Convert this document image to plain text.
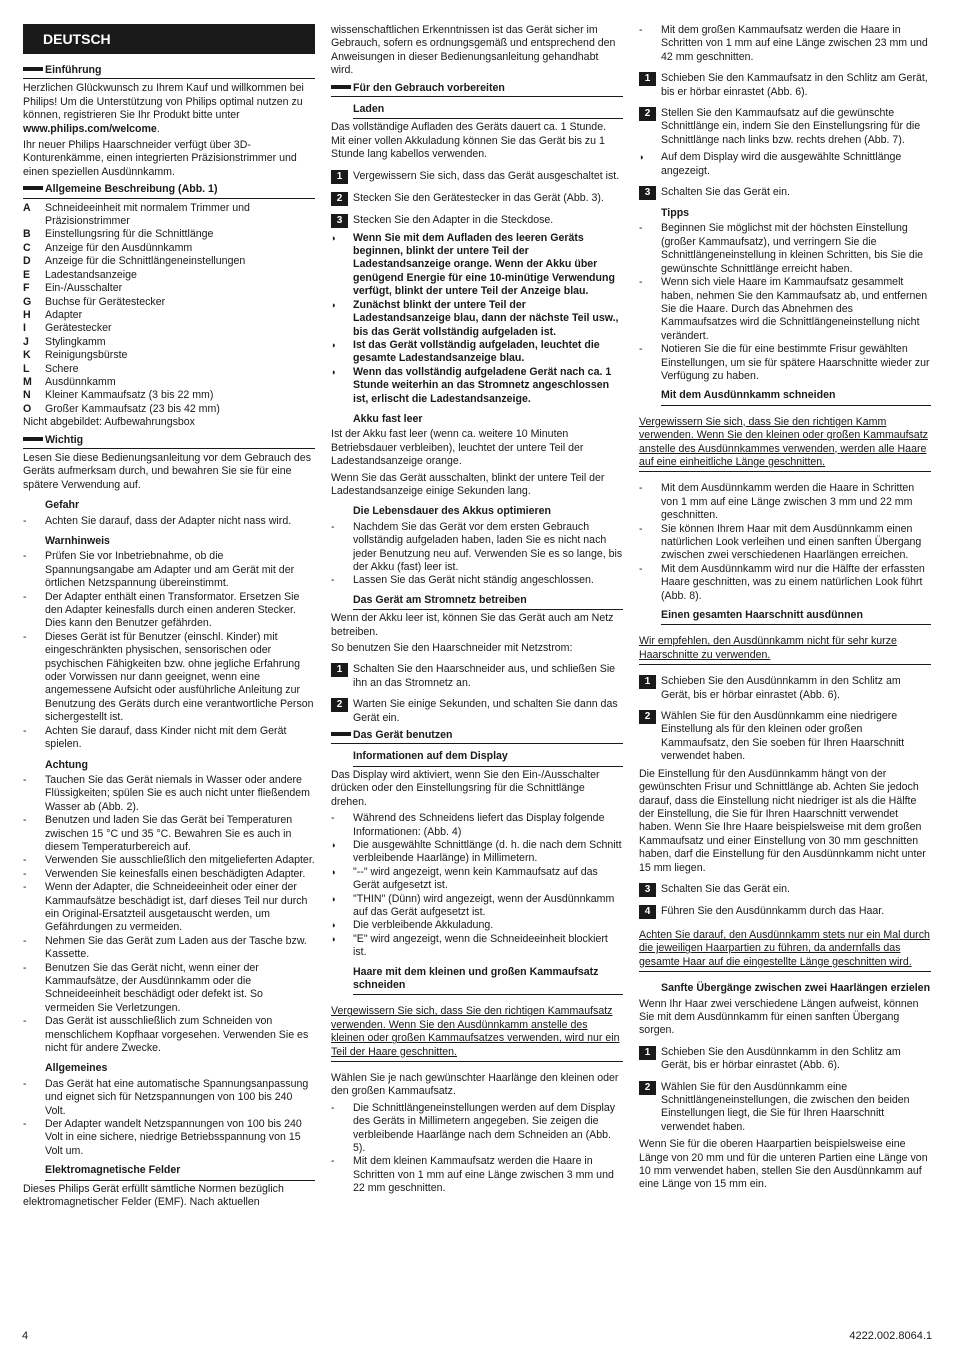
DEUTSCH
Einführung

Herzlichen Glückwunsch zu Ihrem Kauf und willkommen bei Philips! Um die Unterstützung von Philips optimal nutzen zu können, registrieren Sie Ihr Produkt bitte unter www.philips.com/welcome.

Ihr neuer Philips Haarschneider verfügt über 3D-Konturenkämme, einen integrierten Präzisionstrimmer und einen speziellen Ausdünnkamm.

Allgemeine Beschreibung (Abb. 1)
A	Schneideeinheit mit normalem Trimmer und Präzisionstrimmer
B	Einstellungsring für die Schnittlänge
C	Anzeige für den Ausdünnkamm
D	Anzeige für die Schnittlängeneinstellungen
E	Ladestandsanzeige
F	Ein-/Ausschalter
G	Buchse für Gerätestecker
H	Adapter
I	Gerätestecker
J	Stylingkamm
K	Reinigungsbürste
L	Schere
M	Ausdünnkamm
N	Kleiner Kammaufsatz (3 bis 22 mm)
O	Großer Kammaufsatz (23 bis 42 mm)

Nicht abgebildet: Aufbewahrungsbox

Wichtig

Lesen Sie diese Bedienungsanleitung vor dem Gebrauch des Geräts aufmerksam durch, und bewahren Sie sie für eine spätere Verwendung auf.

Gefahr
-	Achten Sie darauf, dass der Adapter nicht nass wird.
Warnhinweis
-	Prüfen Sie vor Inbetriebnahme, ob die Spannungsangabe am Adapter und am Gerät mit der örtlichen Netzspannung übereinstimmt.
-	Der Adapter enthält einen Transformator. Ersetzen Sie den Adapter keinesfalls durch einen anderen Stecker. Dies kann den Benutzer gefährden.
-	Dieses Gerät ist für Benutzer (einschl. Kinder) mit eingeschränkten physischen, sensorischen oder psychischen Fähigkeiten bzw. ohne jegliche Erfahrung oder Vorwissen nur dann geeignet, wenn eine angemessene Aufsicht oder ausführliche Anleitung zur Benutzung des Geräts durch eine verantwortliche Person sichergestellt ist.
-	Achten Sie darauf, dass Kinder nicht mit dem Gerät spielen.
Achtung
-	Tauchen Sie das Gerät niemals in Wasser oder andere Flüssigkeiten; spülen Sie es auch nicht unter fließendem Wasser ab (Abb. 2).
-	Benutzen und laden Sie das Gerät bei Temperaturen zwischen 15 °C und 35 °C. Bewahren Sie es auch in diesem Temperaturbereich auf.
-	Verwenden Sie ausschließlich den mitgelieferten Adapter.
-	Verwenden Sie keinesfalls einen beschädigten Adapter.
-	Wenn der Adapter, die Schneideeinheit oder einer der Kammaufsätze beschädigt ist, darf dieses Teil nur durch ein Original-Ersatzteil ausgetauscht werden, um Gefährdungen zu vermeiden.
-	Nehmen Sie das Gerät zum Laden aus der Tasche bzw. Kassette.
-	Benutzen Sie das Gerät nicht, wenn einer der Kammaufsätze, der Ausdünnkamm oder die Schneideeinheit beschädigt oder defekt ist. So vermeiden Sie Verletzungen.
-	Das Gerät ist ausschließlich zum Schneiden von menschlichem Kopfhaar vorgesehen. Verwenden Sie es nicht für andere Zwecke.
Allgemeines
-	Das Gerät hat eine automatische Spannungsanpassung und eignet sich für Netzspannungen von 100 bis 240 Volt.
-	Der Adapter wandelt Netzspannungen von 100 bis 240 Volt in eine sichere, niedrige Betriebsspannung von 15 Volt um.
Elektromagnetische Felder

Dieses Philips Gerät erfüllt sämtliche Normen bezüglich elektromagnetischer Felder (EMF). Nach aktuellen

wissenschaftlichen Erkenntnissen ist das Gerät sicher im Gebrauch, sofern es ordnungsgemäß und entsprechend den Anweisungen in dieser Bedienungsanleitung gehandhabt wird.

Für den Gebrauch vorbereiten
Laden

Das vollständige Aufladen des Geräts dauert ca. 1 Stunde. Mit einer vollen Akkuladung können Sie das Gerät bis zu 1 Stunde lang kabellos verwenden.

1	Vergewissern Sie sich, dass das Gerät ausgeschaltet ist.
2	Stecken Sie den Gerätestecker in das Gerät (Abb. 3).
3	Stecken Sie den Adapter in die Steckdose.
◗	Wenn Sie mit dem Aufladen des leeren Geräts beginnen, blinkt der untere Teil der Ladestandsanzeige orange. Wenn der Akku über genügend Energie für eine 10-minütige Verwendung verfügt, blinkt der untere Teil der Anzeige blau.
◗	Zunächst blinkt der untere Teil der Ladestandsanzeige blau, dann der nächste Teil usw., bis das Gerät vollständig aufgeladen ist.
◗	Ist das Gerät vollständig aufgeladen, leuchtet die gesamte Ladestandsanzeige blau.
◗	Wenn das vollständig aufgeladene Gerät nach ca. 1 Stunde weiterhin an das Stromnetz angeschlossen ist, erlischt die Ladestandsanzeige.
Akku fast leer

Ist der Akku fast leer (wenn ca. weitere 10 Minuten Betriebsdauer verbleiben), leuchtet der untere Teil der Ladestandsanzeige orange.

Wenn Sie das Gerät ausschalten, blinkt der untere Teil der Ladestandsanzeige einige Sekunden lang.

Die Lebensdauer des Akkus optimieren
-	Nachdem Sie das Gerät vor dem ersten Gebrauch vollständig aufgeladen haben, laden Sie es nicht nach jeder Benutzung neu auf. Verwenden Sie es so lange, bis der Akku (fast) leer ist.
-	Lassen Sie das Gerät nicht ständig angeschlossen.
Das Gerät am Stromnetz betreiben

Wenn der Akku leer ist, können Sie das Gerät auch am Netz betreiben.

So benutzen Sie den Haarschneider mit Netzstrom:

1	Schalten Sie den Haarschneider aus, und schließen Sie ihn an das Stromnetz an.
2	Warten Sie einige Sekunden, und schalten Sie dann das Gerät ein.
Das Gerät benutzen
Informationen auf dem Display

Das Display wird aktiviert, wenn Sie den Ein-/Ausschalter drücken oder den Einstellungsring für die Schnittlänge drehen.

-	Während des Schneidens liefert das Display folgende Informationen: (Abb. 4)
◗	Die ausgewählte Schnittlänge (d. h. die nach dem Schnitt verbleibende Haarlänge) in Millimetern.
◗	"--" wird angezeigt, wenn kein Kammaufsatz auf das Gerät aufgesetzt ist.
◗	"THIN" (Dünn) wird angezeigt, wenn der Ausdünnkamm auf das Gerät aufgesetzt ist.
◗	Die verbleibende Akkuladung.
◗	"E" wird angezeigt, wenn die Schneideeinheit blockiert ist.
Haare mit dem kleinen und großen Kammaufsatz schneiden
Vergewissern Sie sich, dass Sie den richtigen Kammaufsatz verwenden. Wenn Sie den Ausdünnkamm anstelle des kleinen oder großen Kammaufsatzes verwenden, wird nur ein Teil der Haare geschnitten.

Wählen Sie je nach gewünschter Haarlänge den kleinen oder den großen Kammaufsatz.

-	Die Schnittlängeneinstellungen werden auf dem Display des Geräts in Millimetern angegeben. Sie zeigen die verbleibende Haarlänge nach dem Schneiden an (Abb. 5).
-	Mit dem kleinen Kammaufsatz werden die Haare in Schritten von 1 mm auf eine Länge zwischen 3 mm und 22 mm geschnitten.
-	Mit dem großen Kammaufsatz werden die Haare in Schritten von 1 mm auf eine Länge zwischen 23 mm und 42 mm geschnitten.
1	Schieben Sie den Kammaufsatz in den Schlitz am Gerät, bis er hörbar einrastet (Abb. 6).
2	Stellen Sie den Kammaufsatz auf die gewünschte Schnittlänge ein, indem Sie den Einstellungsring für die Schnittlänge nach links bzw. rechts drehen (Abb. 7).
◗	Auf dem Display wird die ausgewählte Schnittlänge angezeigt.
3	Schalten Sie das Gerät ein.
Tipps
-	Beginnen Sie möglichst mit der höchsten Einstellung (großer Kammaufsatz), und verringern Sie die Schnittlängeneinstellung in kleinen Schritten, bis Sie die gewünschte Schnittlänge erreicht haben.
-	Wenn sich viele Haare im Kammaufsatz gesammelt haben, nehmen Sie den Kammaufsatz ab, und entfernen Sie die Haare. Durch das Abnehmen des Kammaufsatzes wird die Schnittlängeneinstellung nicht verändert.
-	Notieren Sie die für eine bestimmte Frisur gewählten Einstellungen, um sie für spätere Haarschnitte wieder zur Verfügung zu haben.
Mit dem Ausdünnkamm schneiden
Vergewissern Sie sich, dass Sie den richtigen Kamm verwenden. Wenn Sie den kleinen oder großen Kammaufsatz anstelle des Ausdünnkammes verwenden, werden alle Haare auf eine einheitliche Länge geschnitten.
-	Mit dem Ausdünnkamm werden die Haare in Schritten von 1 mm auf eine Länge zwischen 3 mm und 22 mm geschnitten.
-	Sie können Ihrem Haar mit dem Ausdünnkamm einen natürlichen Look verleihen und einen sanften Übergang zwischen zwei verschiedenen Haarlängen erreichen.
-	Mit dem Ausdünnkamm wird nur die Hälfte der erfassten Haare geschnitten, was zu einem natürlichen Look führt (Abb. 8).
Einen gesamten Haarschnitt ausdünnen
Wir empfehlen, den Ausdünnkamm nicht für sehr kurze Haarschnitte zu verwenden.
1	Schieben Sie den Ausdünnkamm in den Schlitz am Gerät, bis er hörbar einrastet (Abb. 6).
2	Wählen Sie für den Ausdünnkamm eine niedrigere Einstellung als für den kleinen oder großen Kammaufsatz, den Sie soeben für Ihren Haarschnitt verwendet haben.

Die Einstellung für den Ausdünnkamm hängt von der gewünschten Frisur und Schnittlänge ab. Achten Sie jedoch darauf, dass die Einstellung nicht niedriger ist als die Hälfte der Einstellung, die Sie für Ihren Haarschnitt verwendet haben. Wenn Sie Ihre Haare beispielsweise mit dem großen Kammaufsatz und einer Einstellung von 30 mm geschnitten haben, darf die Einstellung für den Ausdünnkamm nicht unter 15 mm liegen.

3	Schalten Sie das Gerät ein.
4	Führen Sie den Ausdünnkamm durch das Haar.
Achten Sie darauf, den Ausdünnkamm stets nur ein Mal durch die jeweiligen Haarpartien zu führen, da andernfalls das gesamte Haar auf die eingestellte Länge geschnitten wird.
Sanfte Übergänge zwischen zwei Haarlängen erzielen

Wenn Ihr Haar zwei verschiedene Längen aufweist, können Sie mit dem Ausdünnkamm für einen sanften Übergang sorgen.

1	Schieben Sie den Ausdünnkamm in den Schlitz am Gerät, bis er hörbar einrastet (Abb. 6).
2	Wählen Sie für den Ausdünnkamm eine Schnittlängeneinstellungen, die zwischen den beiden Einstellungen liegt, die Sie für Ihren Haarschnitt verwendet haben.

Wenn Sie für die oberen Haarpartien beispielsweise eine Länge von 20 mm und für die unteren Partien eine Länge von 10 mm verwendet haben, stellen Sie den Ausdünnkamm auf eine Länge von 15 mm ein.

4	4222.002.8064.1
